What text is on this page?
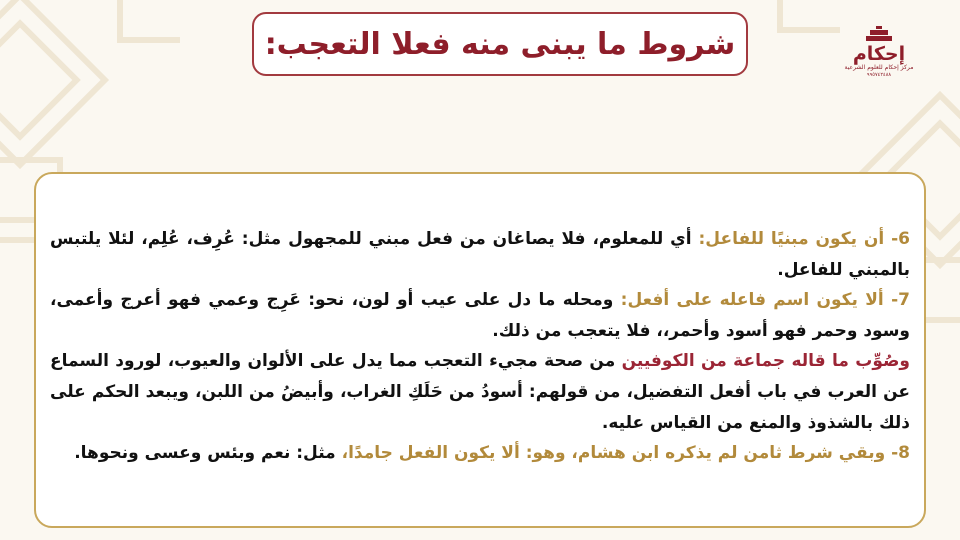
شروط ما يبنى منه فعلا التعجب:	إحكام
مركز إحكام للعلوم الشرعية
٩٩٥٧٤٢٤٨٨

6- أن يكون مبنيًا للفاعل: أي للمعلوم، فلا يصاغان من فعل مبني للمجهول مثل: عُرِف، عُلِم، لئلا يلتبس بالمبني للفاعل.

7- ألا يكون اسم فاعله على أفعل: ومحله ما دل على عيب أو لون، نحو: عَرِج وعمي فهو أعرج وأعمى، وسود وحمر فهو أسود وأحمر،، فلا يتعجب من ذلك.

وصُوِّب ما قاله جماعة من الكوفيين من صحة مجيء التعجب مما يدل على الألوان والعيوب، لورود السماع عن العرب في باب أفعل التفضيل، من قولهم: أسودُ من حَلَكِ الغراب، وأبيضُ من اللبن، ويبعد الحكم على ذلك بالشذوذ والمنع من القياس عليه.

8- وبقي شرط ثامن لم يذكره ابن هشام، وهو: ألا يكون الفعل جامدًا، مثل: نعم وبئس وعسى ونحوها.
